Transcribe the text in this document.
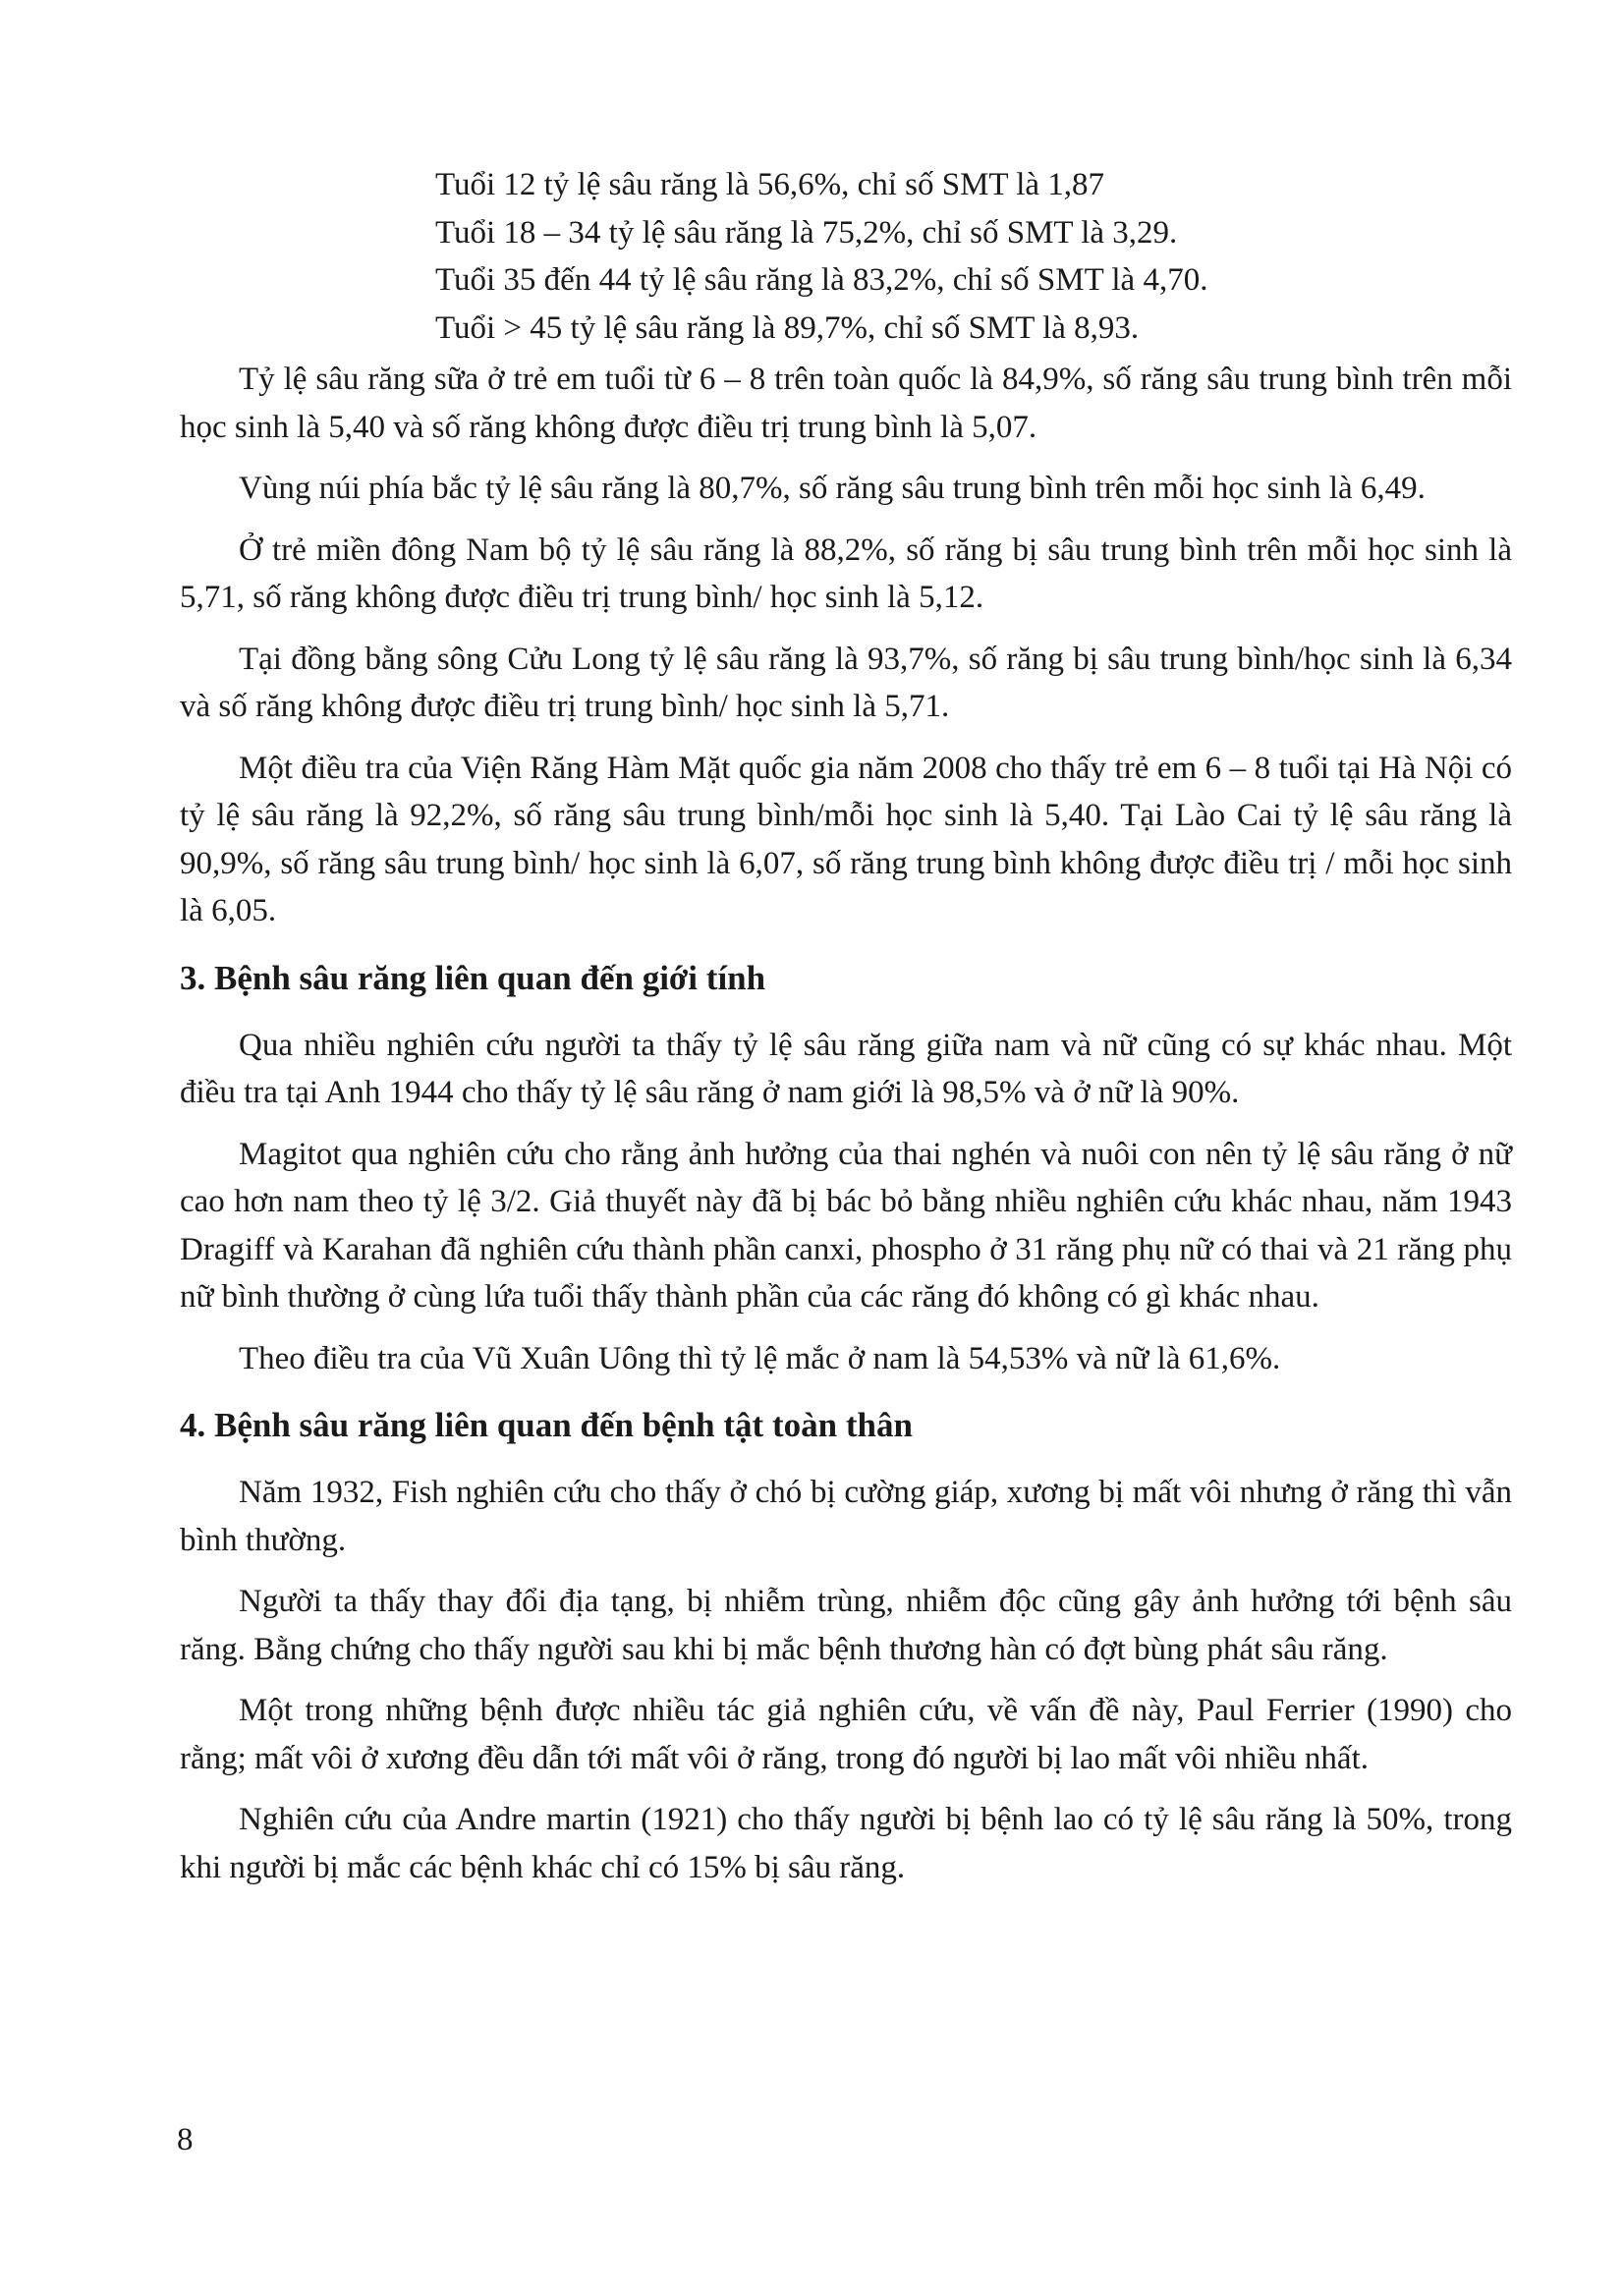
Tuổi 12 tỷ lệ sâu răng là 56,6%, chỉ số SMT là 1,87

Tuổi 18 – 34 tỷ lệ sâu răng là 75,2%, chỉ số SMT là 3,29.

Tuổi 35 đến 44 tỷ lệ sâu răng là 83,2%, chỉ số SMT là 4,70.

Tuổi > 45 tỷ lệ sâu răng là 89,7%, chỉ số SMT là 8,93.

Tỷ lệ sâu răng sữa ở trẻ em tuổi từ 6 – 8 trên toàn quốc là 84,9%, số răng sâu trung bình trên mỗi học sinh là 5,40 và số răng không được điều trị trung bình là 5,07.

Vùng núi phía bắc tỷ lệ sâu răng là 80,7%, số răng sâu trung bình trên mỗi học sinh là 6,49.

Ở trẻ miền đông Nam bộ tỷ lệ sâu răng là 88,2%, số răng bị sâu trung bình trên mỗi học sinh là 5,71, số răng không được điều trị trung bình/ học sinh là 5,12.

Tại đồng bằng sông Cửu Long tỷ lệ sâu răng là 93,7%, số răng bị sâu trung bình/học sinh là 6,34 và số răng không được điều trị trung bình/ học sinh là 5,71.

Một điều tra của Viện Răng Hàm Mặt quốc gia năm 2008 cho thấy trẻ em 6 – 8 tuổi tại Hà Nội có tỷ lệ sâu răng là 92,2%, số răng sâu trung bình/mỗi học sinh là 5,40. Tại Lào Cai tỷ lệ sâu răng là 90,9%, số răng sâu trung bình/ học sinh là 6,07, số răng trung bình không được điều trị / mỗi học sinh là 6,05.

3. Bệnh sâu răng liên quan đến giới tính

Qua nhiều nghiên cứu người ta thấy tỷ lệ sâu răng giữa nam và nữ cũng có sự khác nhau. Một điều tra tại Anh 1944 cho thấy tỷ lệ sâu răng ở nam giới là 98,5% và ở nữ là 90%.

Magitot qua nghiên cứu cho rằng ảnh hưởng của thai nghén và nuôi con nên tỷ lệ sâu răng ở nữ cao hơn nam theo tỷ lệ 3/2. Giả thuyết này đã bị bác bỏ bằng nhiều nghiên cứu khác nhau, năm 1943 Dragiff và Karahan đã nghiên cứu thành phần canxi, phospho ở 31 răng phụ nữ có thai và 21 răng phụ nữ bình thường ở cùng lứa tuổi thấy thành phần của các răng đó không có gì khác nhau.

Theo điều tra của Vũ Xuân Uông thì tỷ lệ mắc ở nam là 54,53% và nữ là 61,6%.

4. Bệnh sâu răng liên quan đến bệnh tật toàn thân

Năm 1932, Fish nghiên cứu cho thấy ở chó bị cường giáp, xương bị mất vôi nhưng ở răng thì vẫn bình thường.

Người ta thấy thay đổi địa tạng, bị nhiễm trùng, nhiễm độc cũng gây ảnh hưởng tới bệnh sâu răng. Bằng chứng cho thấy người sau khi bị mắc bệnh thương hàn có đợt bùng phát sâu răng.

Một trong những bệnh được nhiều tác giả nghiên cứu, về vấn đề này, Paul Ferrier (1990) cho rằng; mất vôi ở xương đều dẫn tới mất vôi ở răng, trong đó người bị lao mất vôi nhiều nhất.

Nghiên cứu của Andre martin (1921) cho thấy người bị bệnh lao có tỷ lệ sâu răng là 50%, trong khi người bị mắc các bệnh khác chỉ có 15% bị sâu răng.

8
